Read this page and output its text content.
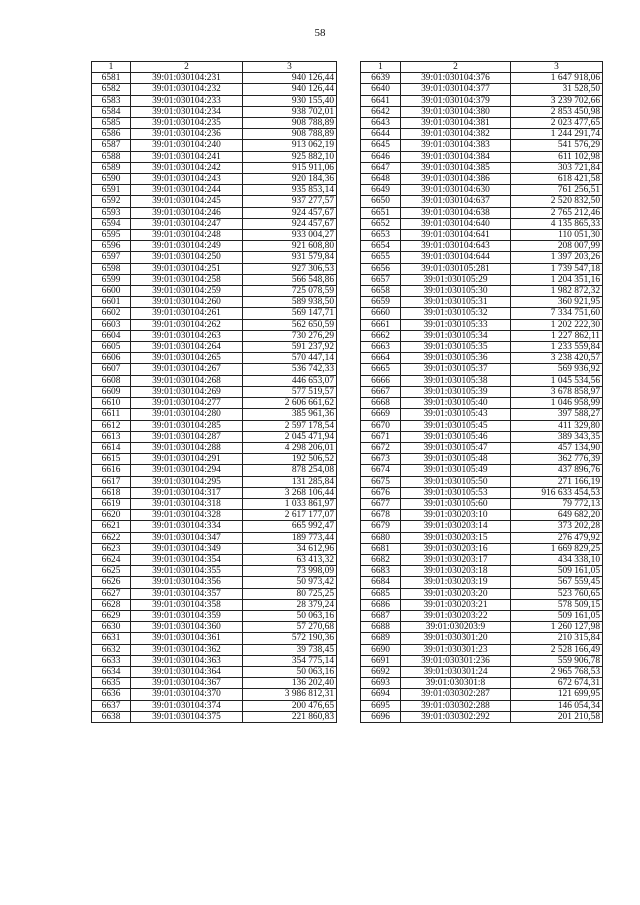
58
1	2	3
6581	39:01:030104:231	940 126,44
6582	39:01:030104:232	940 126,44
6583	39:01:030104:233	930 155,40
6584	39:01:030104:234	938 702,01
6585	39:01:030104:235	908 788,89
6586	39:01:030104:236	908 788,89
6587	39:01:030104:240	913 062,19
6588	39:01:030104:241	925 882,10
6589	39:01:030104:242	915 911,06
6590	39:01:030104:243	920 184,36
6591	39:01:030104:244	935 853,14
6592	39:01:030104:245	937 277,57
6593	39:01:030104:246	924 457,67
6594	39:01:030104:247	924 457,67
6595	39:01:030104:248	933 004,27
6596	39:01:030104:249	921 608,80
6597	39:01:030104:250	931 579,84
6598	39:01:030104:251	927 306,53
6599	39:01:030104:258	566 548,86
6600	39:01:030104:259	725 078,59
6601	39:01:030104:260	589 938,50
6602	39:01:030104:261	569 147,71
6603	39:01:030104:262	562 650,59
6604	39:01:030104:263	730 276,29
6605	39:01:030104:264	591 237,92
6606	39:01:030104:265	570 447,14
6607	39:01:030104:267	536 742,33
6608	39:01:030104:268	446 653,07
6609	39:01:030104:269	577 519,57
6610	39:01:030104:277	2 606 661,62
6611	39:01:030104:280	385 961,36
6612	39:01:030104:285	2 597 178,54
6613	39:01:030104:287	2 045 471,94
6614	39:01:030104:288	4 298 206,01
6615	39:01:030104:291	192 506,52
6616	39:01:030104:294	878 254,08
6617	39:01:030104:295	131 285,84
6618	39:01:030104:317	3 268 106,44
6619	39:01:030104:318	1 033 861,97
6620	39:01:030104:328	2 617 177,07
6621	39:01:030104:334	665 992,47
6622	39:01:030104:347	189 773,44
6623	39:01:030104:349	34 612,96
6624	39:01:030104:354	63 413,32
6625	39:01:030104:355	73 998,09
6626	39:01:030104:356	50 973,42
6627	39:01:030104:357	80 725,25
6628	39:01:030104:358	28 379,24
6629	39:01:030104:359	50 063,16
6630	39:01:030104:360	57 270,68
6631	39:01:030104:361	572 190,36
6632	39:01:030104:362	39 738,45
6633	39:01:030104:363	354 775,14
6634	39:01:030104:364	50 063,16
6635	39:01:030104:367	136 202,40
6636	39:01:030104:370	3 986 812,31
6637	39:01:030104:374	200 476,65
6638	39:01:030104:375	221 860,83
1	2	3
6639	39:01:030104:376	1 647 918,06
6640	39:01:030104:377	31 528,50
6641	39:01:030104:379	3 239 702,66
6642	39:01:030104:380	2 853 450,98
6643	39:01:030104:381	2 023 477,65
6644	39:01:030104:382	1 244 291,74
6645	39:01:030104:383	541 576,29
6646	39:01:030104:384	611 102,98
6647	39:01:030104:385	303 721,84
6648	39:01:030104:386	618 421,58
6649	39:01:030104:630	761 256,51
6650	39:01:030104:637	2 520 832,50
6651	39:01:030104:638	2 765 212,46
6652	39:01:030104:640	4 135 865,33
6653	39:01:030104:641	110 051,30
6654	39:01:030104:643	208 007,99
6655	39:01:030104:644	1 397 203,26
6656	39:01:030105:281	1 739 547,18
6657	39:01:030105:29	1 204 351,16
6658	39:01:030105:30	1 982 872,32
6659	39:01:030105:31	360 921,95
6660	39:01:030105:32	7 334 751,60
6661	39:01:030105:33	1 202 222,30
6662	39:01:030105:34	1 227 862,11
6663	39:01:030105:35	1 233 559,84
6664	39:01:030105:36	3 238 420,57
6665	39:01:030105:37	569 936,92
6666	39:01:030105:38	1 045 534,56
6667	39:01:030105:39	3 678 858,97
6668	39:01:030105:40	1 046 958,99
6669	39:01:030105:43	397 588,27
6670	39:01:030105:45	411 329,80
6671	39:01:030105:46	389 343,35
6672	39:01:030105:47	457 134,90
6673	39:01:030105:48	362 776,39
6674	39:01:030105:49	437 896,76
6675	39:01:030105:50	271 166,19
6676	39:01:030105:53	916 633 454,53
6677	39:01:030105:60	79 772,13
6678	39:01:030203:10	649 682,20
6679	39:01:030203:14	373 202,28
6680	39:01:030203:15	276 479,92
6681	39:01:030203:16	1 669 829,25
6682	39:01:030203:17	434 338,10
6683	39:01:030203:18	509 161,05
6684	39:01:030203:19	567 559,45
6685	39:01:030203:20	523 760,65
6686	39:01:030203:21	578 509,15
6687	39:01:030203:22	509 161,05
6688	39:01:030203:9	1 260 127,98
6689	39:01:030301:20	210 315,84
6690	39:01:030301:23	2 528 166,49
6691	39:01:030301:236	559 906,78
6692	39:01:030301:24	2 965 768,53
6693	39:01:030301:8	672 674,31
6694	39:01:030302:287	121 699,95
6695	39:01:030302:288	146 054,34
6696	39:01:030302:292	201 210,58
